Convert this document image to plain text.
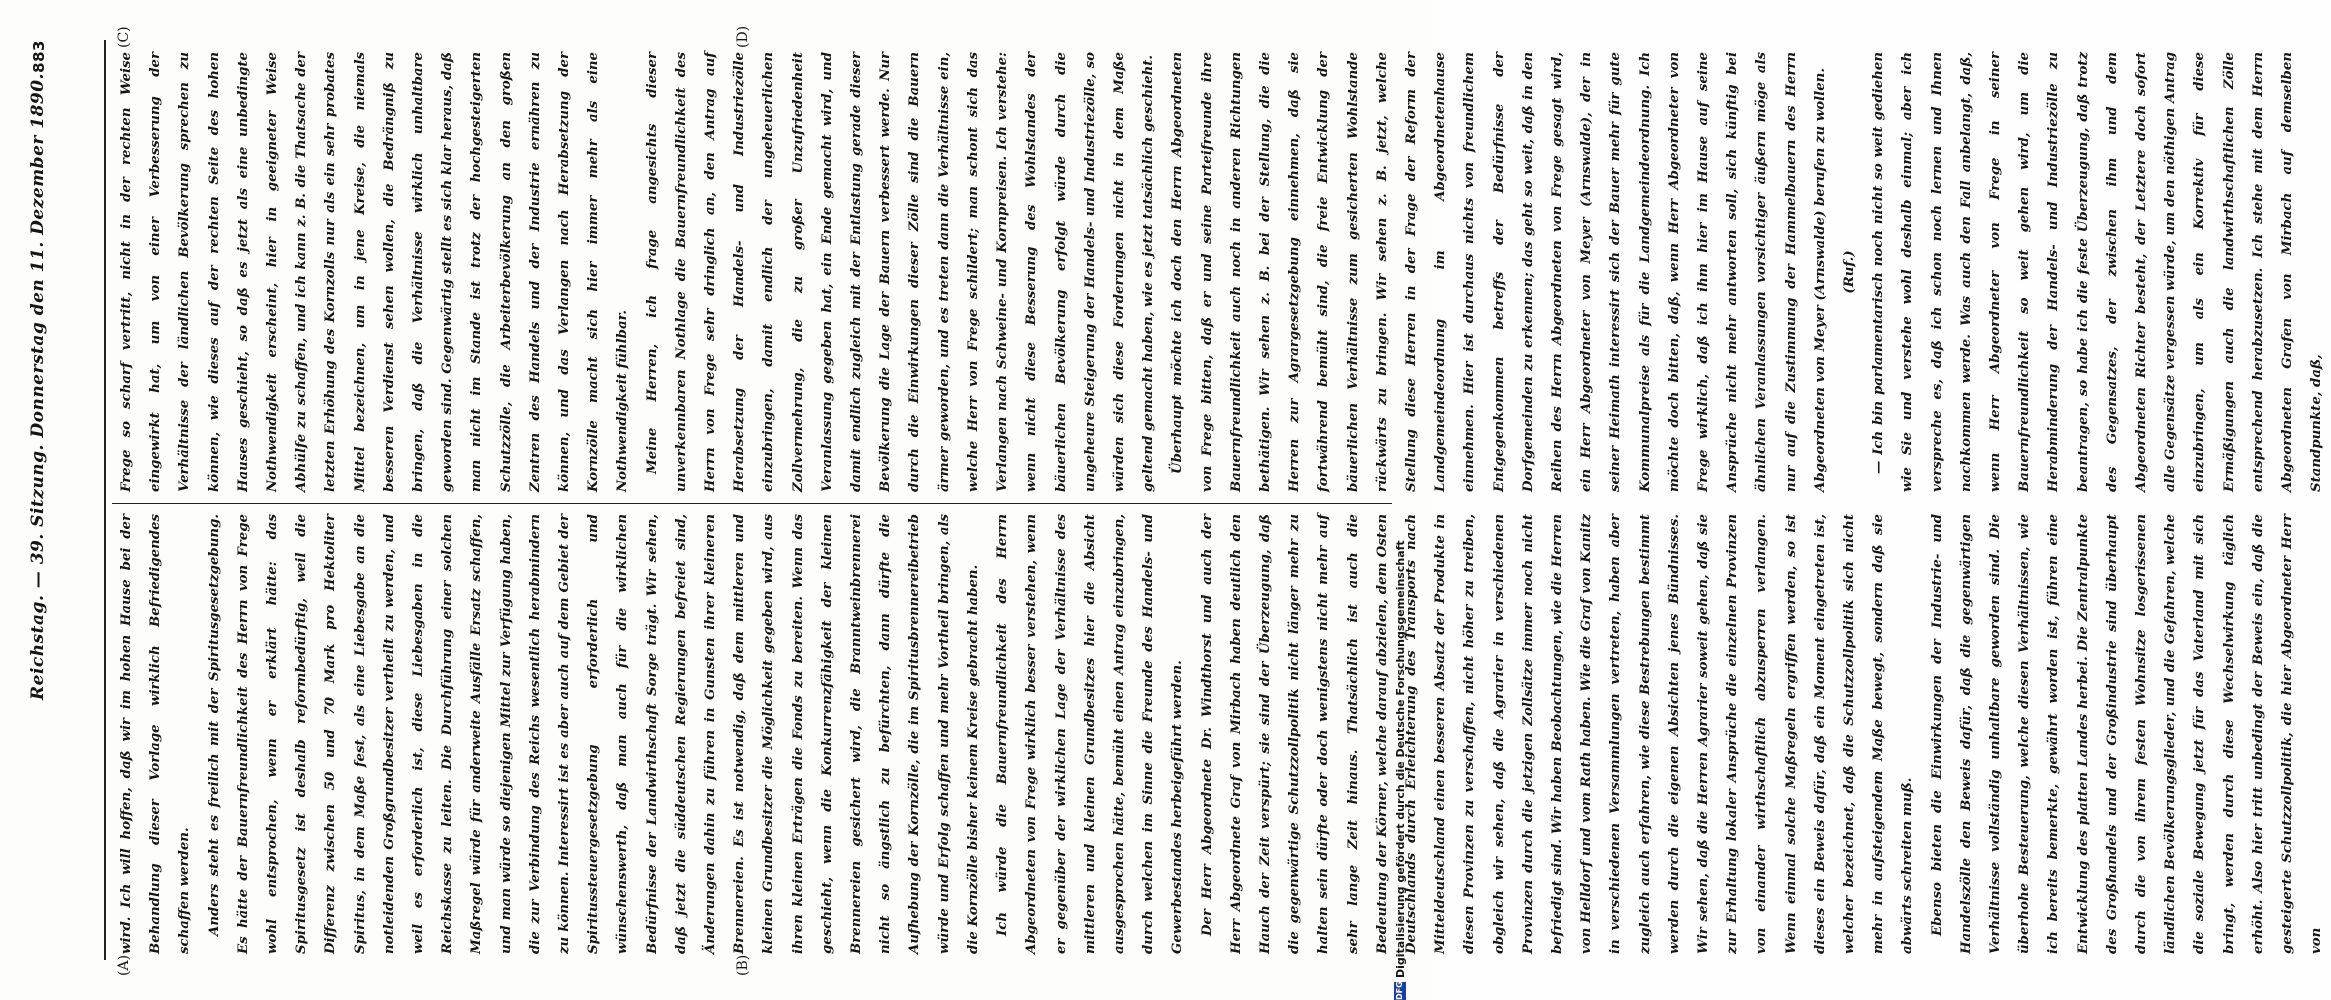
Reichstag. — 39. Sitzung. Donnerstag den 11. Dezember 1890.
883
(A)	(B)
(C)	(D)

wird. Ich will hoffen, daß wir im hohen Hause bei der Behandlung dieser Vorlage wirklich Befriedigendes schaffen werden.	Anders steht es freilich mit der Spiritusgesetzgebung. Es hätte der Bauernfreundlichkeit des Herrn von Frege wohl entsprochen, wenn er erklärt hätte: das Spiritusgesetz ist deshalb reformbedürftig, weil die Differenz zwischen 50 und 70 Mark pro Hektoliter Spiritus, in dem Maße fest, als eine Liebesgabe an die notleidenden Großgrundbesitzer vertheilt zu werden, und weil es erforderlich ist, diese Liebesgaben in die Reichskasse zu leiten. Die Durchführung einer solchen Maßregel würde für anderweite Ausfälle Ersatz schaffen, und man würde so diejenigen Mittel zur Verfügung haben, die zur Verbindung des Reichs wesentlich herabmindern zu können. Interessirt ist es aber auch auf dem Gebiet der Spiritussteuergesetzgebung erforderlich und wünschenswerth, daß man auch für die wirklichen Bedürfnisse der Landwirthschaft Sorge trägt. Wir sehen, daß jetzt die süddeutschen Regierungen befreiet sind, Änderungen dahin zu führen in Gunsten ihrer kleineren Brennereien. Es ist notwendig, daß dem mittleren und kleinen Grundbesitzer die Möglichkeit gegeben wird, aus ihren kleinen Erträgen die Fonds zu bereiten. Wenn das geschieht, wenn die Konkurrenzfähigkeit der kleinen Brennereien gesichert wird, die Branntweinbrennerei nicht so ängstlich zu befürchten, dann dürfte die Aufhebung der Kornzölle, die im Spiritusbrennereibetrieb würde und Erfolg schaffen und mehr Vortheil bringen, als die Kornzölle bisher keinem Kreise gebracht haben.	Ich würde die Bauernfreundlichkeit des Herrn Abgeordneten von Frege wirklich besser verstehen, wenn er gegenüber der wirklichen Lage der Verhältnisse des mittleren und kleinen Grundbesitzes hier die Absicht ausgesprochen hätte, bemüht einen Antrag einzubringen, durch welchen im Sinne die Freunde des Handels- und Gewerbestandes herbeigeführt werden.	Der Herr Abgeordnete Dr. Windthorst und auch der Herr Abgeordnete Graf von Mirbach haben deutlich den Hauch der Zeit verspürt; sie sind der Überzeugung, daß die gegenwärtige Schutzzollpolitik nicht länger mehr zu halten sein dürfte oder doch wenigstens nicht mehr auf sehr lange Zeit hinaus. Thatsächlich ist auch die Bedeutung der Körner, welche darauf abzielen, dem Osten Deutschlands durch Erleichterung des Transports nach Mitteldeutschland einen besseren Absatz der Produkte in diesen Provinzen zu verschaffen, nicht höher zu treiben, obgleich wir sehen, daß die Agrarier in verschiedenen Provinzen durch die jetzigen Zollsätze immer noch nicht befriedigt sind. Wir haben Beobachtungen, wie die Herren von Helldorf und vom Rath haben. Wie die Graf von Kanitz in verschiedenen Versammlungen vertreten, haben aber zugleich auch erfahren, wie diese Bestrebungen bestimmt werden durch die eigenen Absichten jenes Bündnisses. Wir sehen, daß die Herren Agrarier soweit gehen, daß sie zur Erhaltung lokaler Ansprüche die einzelnen Provinzen von einander wirthschaftlich abzusperren verlangen. Wenn einmal solche Maßregeln ergriffen werden, so ist dieses ein Beweis dafür, daß ein Moment eingetreten ist, welcher bezeichnet, daß die Schutzzollpolitik sich nicht mehr in aufsteigendem Maße bewegt, sondern daß sie abwärts schreiten muß.	Ebenso bieten die Einwirkungen der Industrie- und Handelszölle den Beweis dafür, daß die gegenwärtigen Verhältnisse vollständig unhaltbare geworden sind. Die überhohe Besteuerung, welche diesen Verhältnissen, wie ich bereits bemerkte, gewährt worden ist, führen eine Entwicklung des platten Landes herbei. Die Zentralpunkte des Großhandels und der Großindustrie sind überhaupt durch die von ihrem festen Wohnsitze losgerissenen ländlichen Bevölkerungsglieder, und die Gefahren, welche die soziale Bewegung jetzt für das Vaterland mit sich bringt, werden durch diese Wechselwirkung täglich erhöht. Also hier tritt unbedingt der Beweis ein, daß die gesteigerte Schutzzollpolitik, die hier Abgeordneter Herr von

Frege so scharf vertritt, nicht in der rechten Weise eingewirkt hat, um von einer Verbesserung der Verhältnisse der ländlichen Bevölkerung sprechen zu können, wie dieses auf der rechten Seite des hohen Hauses geschieht, so daß es jetzt als eine unbedingte Nothwendigkeit erscheint, hier in geeigneter Weise Abhülfe zu schaffen, und ich kann z. B. die Thatsache der letzten Erhöhung des Kornzolls nur als ein sehr probates Mittel bezeichnen, um in jene Kreise, die niemals besseren Verdienst sehen wollen, die Bedrängniß zu bringen, daß die Verhältnisse wirklich unhaltbare geworden sind. Gegenwärtig stellt es sich klar heraus, daß man nicht im Stande ist trotz der hochgesteigerten Schutzzölle, die Arbeiterbevölkerung an den großen Zentren des Handels und der Industrie ernähren zu können, und das Verlangen nach Herabsetzung der Kornzölle macht sich hier immer mehr als eine Nothwendigkeit fühlbar.	Meine Herren, ich frage angesichts dieser unverkennbaren Nothlage die Bauernfreundlichkeit des Herrn von Frege sehr dringlich an, den Antrag auf Herabsetzung der Handels- und Industriezölle einzubringen, damit endlich der ungeheuerlichen Zollvermehrung, die zu großer Unzufriedenheit Veranlassung gegeben hat, ein Ende gemacht wird, und damit endlich zugleich mit der Entlastung gerade dieser Bevölkerung die Lage der Bauern verbessert werde. Nur durch die Einwirkungen dieser Zölle sind die Bauern ärmer geworden, und es treten dann die Verhältnisse ein, welche Herr von Frege schildert; man schont sich das Verlangen nach Schweine- und Kornpreisen. Ich verstehe: wenn nicht diese Besserung des Wohlstandes der bäuerlichen Bevölkerung erfolgt würde durch die ungeheure Steigerung der Handels- und Industriezölle, so würden sich diese Forderungen nicht in dem Maße geltend gemacht haben, wie es jetzt tatsächlich geschieht.	Überhaupt möchte ich doch den Herrn Abgeordneten von Frege bitten, daß er und seine Parteifreunde ihre Bauernfreundlichkeit auch noch in anderen Richtungen bethätigen. Wir sehen z. B. bei der Stellung, die die Herren zur Agrargesetzgebung einnehmen, daß sie fortwährend bemüht sind, die freie Entwicklung der bäuerlichen Verhältnisse zum gesicherten Wohlstande rückwärts zu bringen. Wir sehen z. B. jetzt, welche Stellung diese Herren in der Frage der Reform der Landgemeindeordnung im Abgeordnetenhause einnehmen. Hier ist durchaus nichts von freundlichem Entgegenkommen betreffs der Bedürfnisse der Dorfgemeinden zu erkennen; das geht so weit, daß in den Reihen des Herrn Abgeordneten von Frege gesagt wird, ein Herr Abgeordneter von Meyer (Arnswalde), der in seiner Heimath interessirt sich der Bauer mehr für gute Kommunalpreise als für die Landgemeindeordnung. Ich möchte doch bitten, daß, wenn Herr Abgeordneter von Frege wirklich, daß ich ihm hier im Hause auf seine Ansprüche nicht mehr antworten soll, sich künftig bei ähnlichen Veranlassungen vorsichtiger äußern möge als nur auf die Zustimmung der Hammelbauern des Herrn Abgeordneten von Meyer (Arnswalde) berufen zu wollen.	(Ruf.)	— Ich bin parlamentarisch noch nicht so weit gediehen wie Sie und verstehe wohl deshalb einmal; aber ich verspreche es, daß ich schon noch lernen und Ihnen nachkommen werde. Was auch den Fall anbelangt, daß, wenn Herr Abgeordneter von Frege in seiner Bauernfreundlichkeit so weit gehen wird, um die Herabminderung der Handels- und Industriezölle zu beantragen, so habe ich die feste Überzeugung, daß trotz des Gegensatzes, der zwischen ihm und dem Abgeordneten Richter besteht, der Letztere doch sofort alle Gegensätze vergessen würde, um den nöthigen Antrag einzubringen, um als ein Korrektiv für diese Ermäßigungen auch die landwirthschaftlichen Zölle entsprechend herabzusetzen. Ich stehe mit dem Herrn Abgeordneten Grafen von Mirbach auf demselben Standpunkte, daß,

DFG
Digitalisierung gefördert durch die Deutsche Forschungsgemeinschaft
